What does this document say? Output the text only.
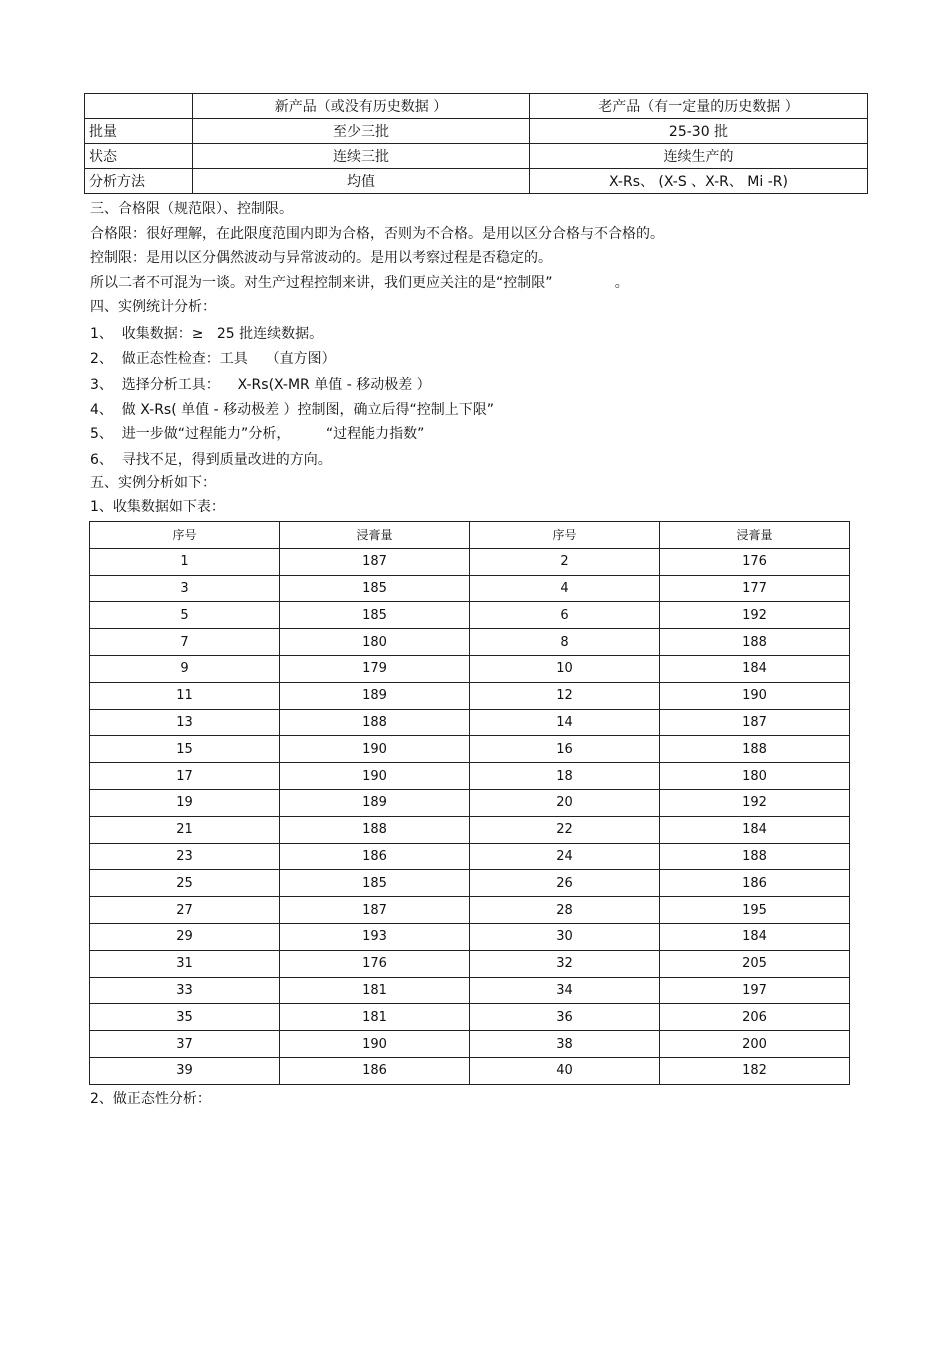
	新产品（或没有历史数据 ）	老产品（有一定量的历史数据 ）
批量	至少三批	25-30 批
状态	连续三批	连续生产的
分析方法	均值	X-Rs、 (X-S 、X-R、 Mi -R)
三、合格限（规范限）、控制限。
合格限：很好理解，在此限度范围内即为合格，否则为不合格。是用以区分合格与不合格的。
控制限：是用以区分偶然波动与异常波动的。是用以考察过程是否稳定的。
所以二者不可混为一谈。对生产过程控制来讲，我们更应关注的是“控制限”              。
四、实例统计分析：
1、  收集数据：≥   25 批连续数据。
2、  做正态性检查：工具    （直方图）
3、  选择分析工具：    X-Rs(X-MR 单值 - 移动极差 ）
4、  做 X-Rs( 单值 - 移动极差 ）控制图，确立后得“控制上下限”
5、  进一步做“过程能力”分析，        “过程能力指数”
6、  寻找不足，得到质量改进的方向。
五、实例分析如下：
1、收集数据如下表：
序号	浸膏量	序号	浸膏量
1	187	2	176
3	185	4	177
5	185	6	192
7	180	8	188
9	179	10	184
11	189	12	190
13	188	14	187
15	190	16	188
17	190	18	180
19	189	20	192
21	188	22	184
23	186	24	188
25	185	26	186
27	187	28	195
29	193	30	184
31	176	32	205
33	181	34	197
35	181	36	206
37	190	38	200
39	186	40	182
2、做正态性分析：
